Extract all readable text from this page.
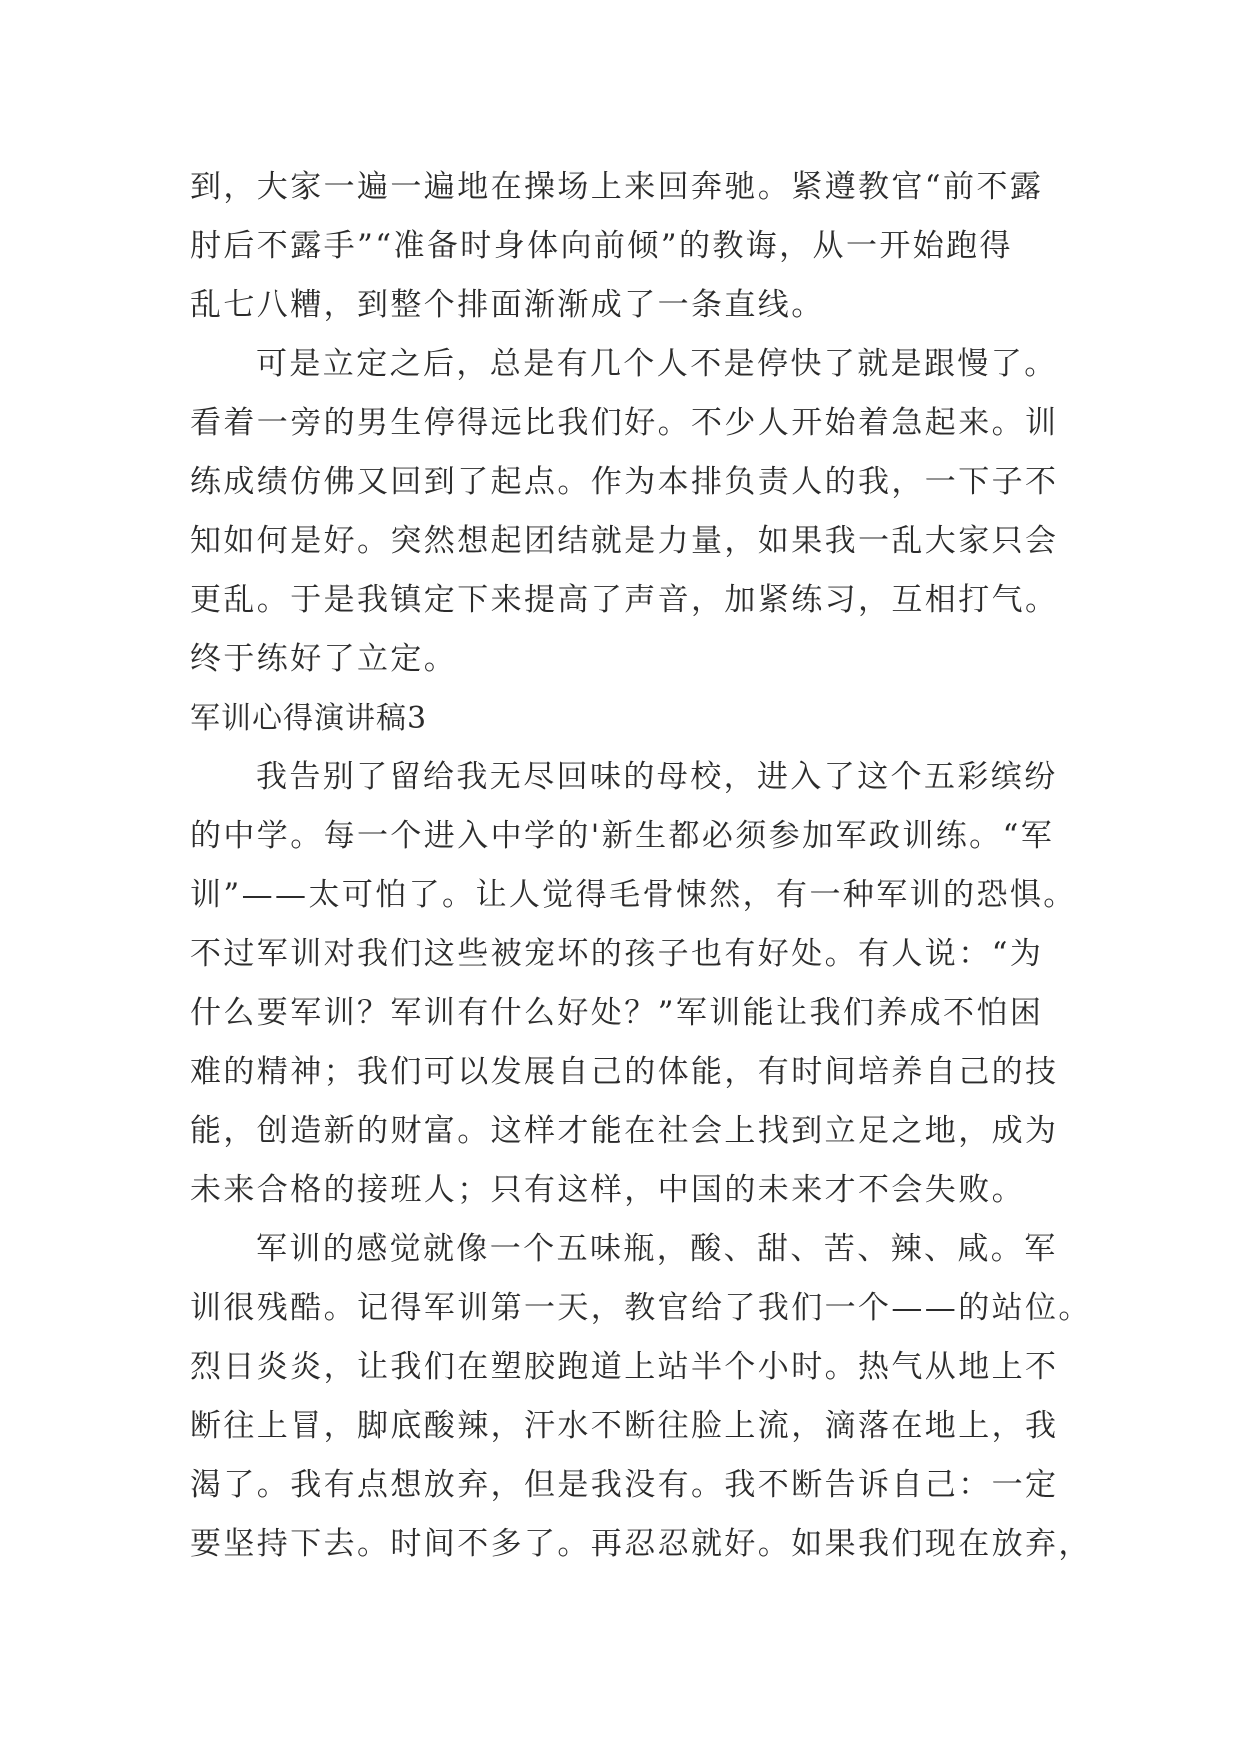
到，大家一遍一遍地在操场上来回奔驰。紧遵教官“前不露
肘后不露手”“准备时身体向前倾”的教诲，从一开始跑得
乱七八糟，到整个排面渐渐成了一条直线。
可是立定之后，总是有几个人不是停快了就是跟慢了。
看着一旁的男生停得远比我们好。不少人开始着急起来。训
练成绩仿佛又回到了起点。作为本排负责人的我，一下子不
知如何是好。突然想起团结就是力量，如果我一乱大家只会
更乱。于是我镇定下来提高了声音，加紧练习，互相打气。
终于练好了立定。
军训心得演讲稿3
我告别了留给我无尽回味的母校，进入了这个五彩缤纷
的中学。每一个进入中学的'新生都必须参加军政训练。“军
训”——太可怕了。让人觉得毛骨悚然，有一种军训的恐惧。
不过军训对我们这些被宠坏的孩子也有好处。有人说：“为
什么要军训？军训有什么好处？”军训能让我们养成不怕困
难的精神；我们可以发展自己的体能，有时间培养自己的技
能，创造新的财富。这样才能在社会上找到立足之地，成为
未来合格的接班人；只有这样，中国的未来才不会失败。
军训的感觉就像一个五味瓶，酸、甜、苦、辣、咸。军
训很残酷。记得军训第一天，教官给了我们一个——的站位。
烈日炎炎，让我们在塑胶跑道上站半个小时。热气从地上不
断往上冒，脚底酸辣，汗水不断往脸上流，滴落在地上，我
渴了。我有点想放弃，但是我没有。我不断告诉自己：一定
要坚持下去。时间不多了。再忍忍就好。如果我们现在放弃，
